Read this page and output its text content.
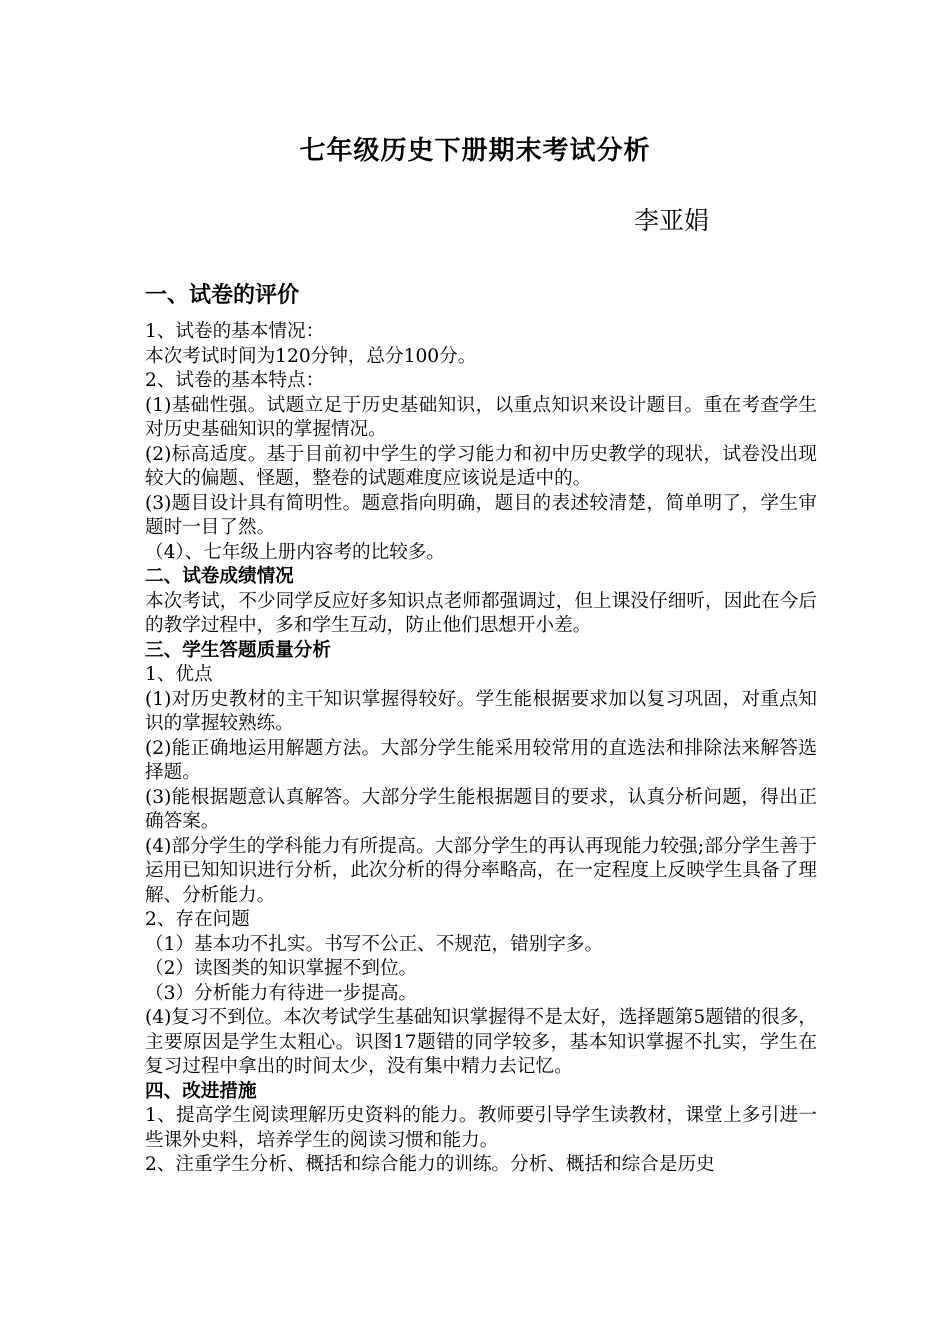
七年级历史下册期末考试分析
李亚娟
一、试卷的评价

1、试卷的基本情况：

本次考试时间为120分钟，总分100分。

2、试卷的基本特点：

(1)基础性强。试题立足于历史基础知识，以重点知识来设计题目。重在考查学生对历史基础知识的掌握情况。

(2)标高适度。基于目前初中学生的学习能力和初中历史教学的现状，试卷没出现较大的偏题、怪题，整卷的试题难度应该说是适中的。

(3)题目设计具有简明性。题意指向明确，题目的表述较清楚，简单明了，学生审题时一目了然。

（4）、七年级上册内容考的比较多。

二、试卷成绩情况

本次考试，不少同学反应好多知识点老师都强调过，但上课没仔细听，因此在今后的教学过程中，多和学生互动，防止他们思想开小差。

三、学生答题质量分析

1、优点

(1)对历史教材的主干知识掌握得较好。学生能根据要求加以复习巩固，对重点知识的掌握较熟练。

(2)能正确地运用解题方法。大部分学生能采用较常用的直选法和排除法来解答选择题。

(3)能根据题意认真解答。大部分学生能根据题目的要求，认真分析问题，得出正确答案。

(4)部分学生的学科能力有所提高。大部分学生的再认再现能力较强;部分学生善于运用已知知识进行分析，此次分析的得分率略高，在一定程度上反映学生具备了理解、分析能力。

2、存在问题

（1）基本功不扎实。书写不公正、不规范，错别字多。

（2）读图类的知识掌握不到位。

（3）分析能力有待进一步提高。

(4)复习不到位。本次考试学生基础知识掌握得不是太好，选择题第5题错的很多，主要原因是学生太粗心。识图17题错的同学较多，基本知识掌握不扎实，学生在复习过程中拿出的时间太少，没有集中精力去记忆。

四、改进措施

1、提高学生阅读理解历史资料的能力。教师要引导学生读教材，课堂上多引进一些课外史料，培养学生的阅读习惯和能力。

2、注重学生分析、概括和综合能力的训练。分析、概括和综合是历史
